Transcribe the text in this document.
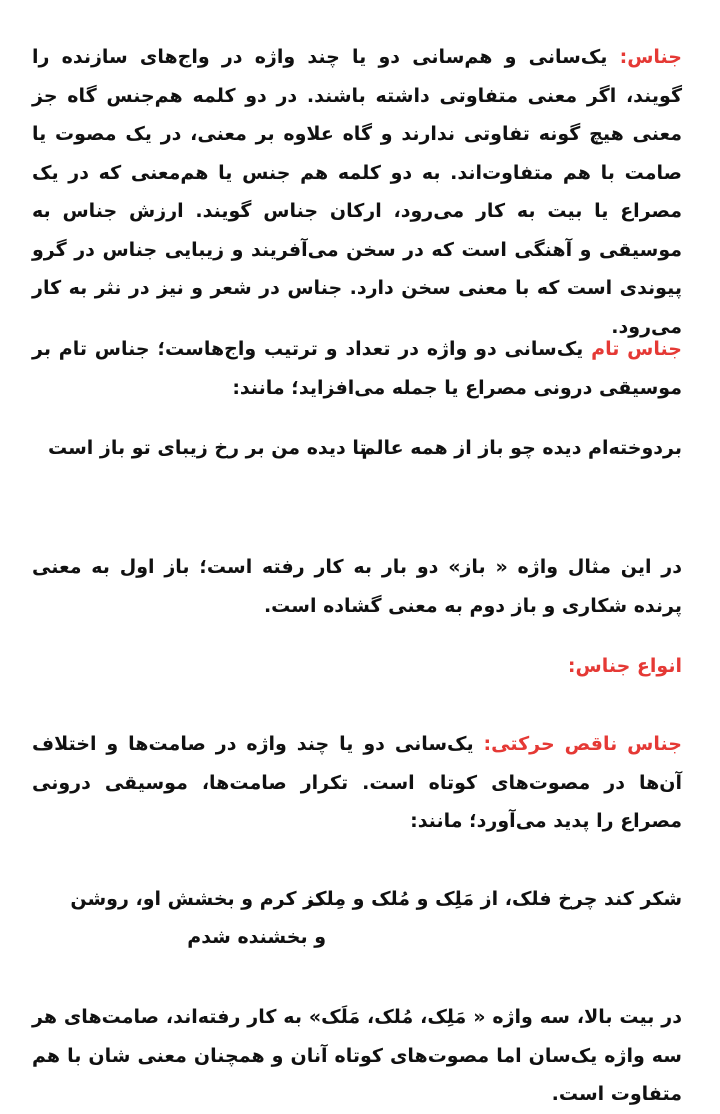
جناس: یک‌سانی و هم‌سانی دو یا چند واژه در واج‌های سازنده را گویند، اگر معنی متفاوتی داشته باشند. در دو کلمه هم‌جنس گاه جز معنی هیچ گونه تفاوتی ندارند و گاه علاوه بر معنی، در یک مصوت یا صامت با هم متفاوت‌اند. به دو کلمه هم جنس یا هم‌معنی که در یک مصراع یا بیت به کار می‌رود، ارکان جناس گویند. ارزش جناس به موسیقی و آهنگی است که در سخن می‌آفریند و زیبایی جناس در گرو پیوندی است که با معنی سخن دارد. جناس در شعر و نیز در نثر به کار می‌رود.

جناس تام یک‌سانی دو واژه در تعداد و ترتیب واج‌هاست؛ جناس تام بر موسیقی درونی مصراع یا جمله می‌افزاید؛ مانند:

بردوخته‌ام دیده چو باز از همه عالم
تا دیده من بر رخ زیبای تو باز است

در این مثال واژه « باز» دو بار به کار رفته است؛ باز اول به معنی پرنده شکاری و باز دوم به معنی گشاده است.

انواع جناس:

جناس ناقص حرکتی: یک‌سانی دو یا چند واژه در صامت‌ها و اختلاف آن‌ها در مصوت‌های کوتاه است. تکرار صامت‌ها، موسیقی درونی مصراع را پدید می‌آورد؛ مانند:

شکر کند چرخ فلک، از مَلِک و مُلک و مِلک
کز کرم و بخشش او، روشن و بخشنده شدم

در بیت بالا، سه واژه « مَلِک، مُلک، مَلَک» به کار رفته‌اند، صامت‌های هر سه واژه یک‌سان اما مصوت‌های کوتاه آنان و همچنان معنی شان با هم متفاوت است.
